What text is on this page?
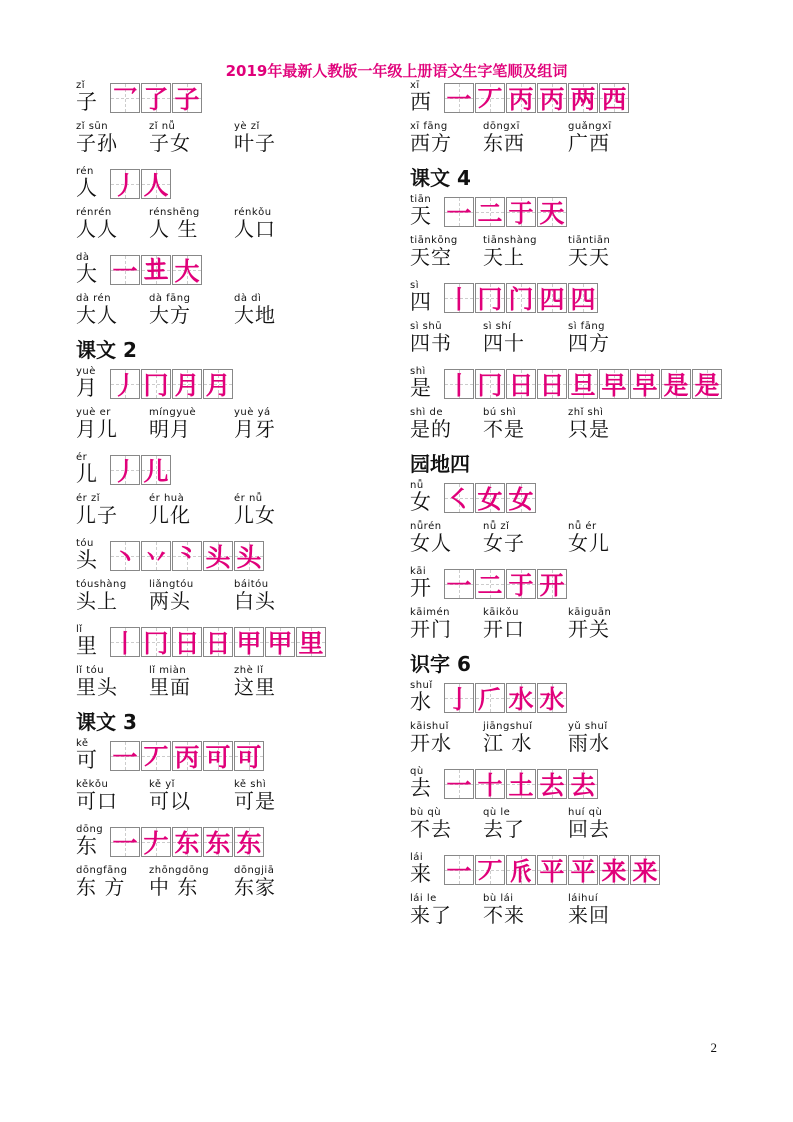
2019年最新人教版一年级上册语文生字笔顺及组词
zǐ
子 乛 了 子
zǐ sūn
子孙
zǐ nǚ
子女
yè zǐ
叶子
rén
人 丿 人
rénrén
人人
rénshēng
人 生
rénkǒu
人口
dà
大 一 𠀎 大
dà rén
大人
dà fāng
大方
dà dì
大地
课文 2
yuè
月 丿 冂 月 月
yuè er
月儿
míngyuè
明月
yuè yá
月牙
ér
儿 丿 儿
ér zǐ
儿子
ér huà
儿化
ér nǚ
儿女
tóu
头 丶 丷 ⺀ 头 头
tóushàng
头上
liǎngtóu
两头
báitóu
白头
lǐ
里 丨 冂 日 日 甲 甲 里
lǐ tóu
里头
lǐ miàn
里面
zhè lǐ
这里
课文 3
kě
可 一 丆 丙 可 可
kěkǒu
可口
kě yǐ
可以
kě shì
可是
dōng
东 一 𠂇 东 东 东
dōngfāng
东 方
zhōngdōng
中 东
dōngjiā
东家
xī
西 一 丆 丙 丙 两 西
xī fāng
西方
dōngxī
东西
guǎngxī
广西
课文 4
tiān
天 一 二 于 天
tiānkōng
天空
tiānshàng
天上
tiāntiān
天天
sì
四 丨 冂 门 四 四
sì shū
四书
sì shí
四十
sì fāng
四方
shì
是 丨 冂 日 日 旦 早 早 是 是
shì de
是的
bú shì
不是
zhǐ shì
只是
园地四
nǚ
女 ㇛ 女 女
nǚrén
女人
nǚ zǐ
女子
nǚ ér
女儿
kāi
开 一 二 于 开
kāimén
开门
kāikǒu
开口
kāiguān
开关
识字 6
shuǐ
水 亅 𠂆 水 水
kāishuǐ
开水
jiāngshuǐ
江 水
yǔ shuǐ
雨水
qù
去 一 十 土 去 去
bù qù
不去
qù le
去了
huí qù
回去
lái
来 一 丆 𠂢 平 平 来 来
lái le
来了
bù lái
不来
láihuí
来回
2
